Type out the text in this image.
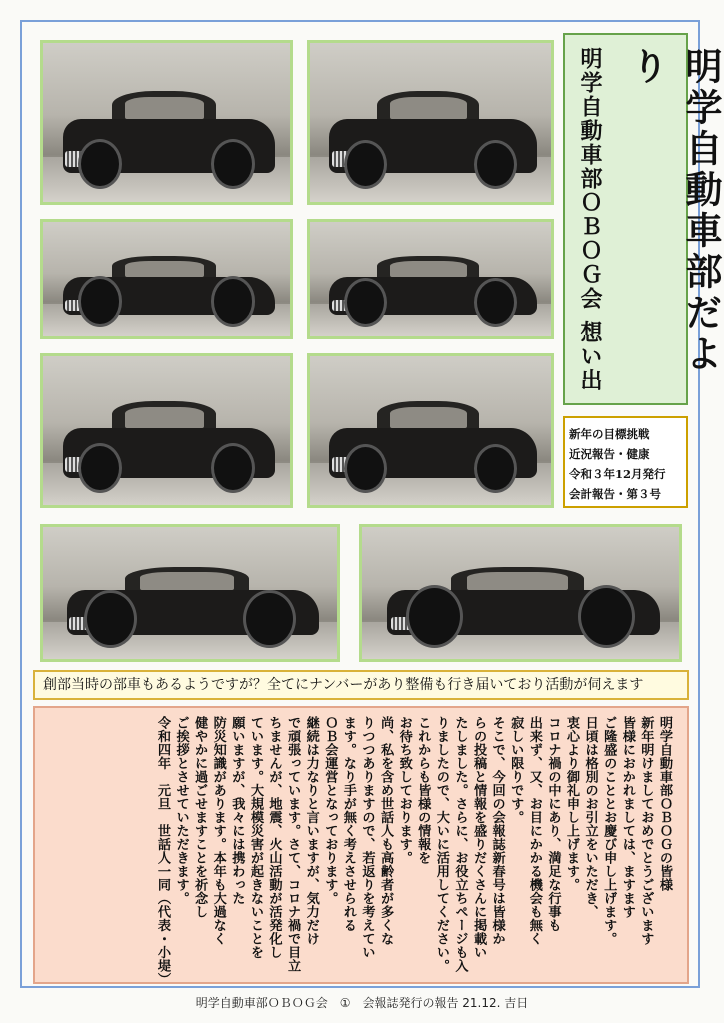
明学自動車部だより
明学自動車部ＯＢＯＧ会 想い出
新年の目標挑戦
近況報告・健康
令和３年12月発行
会計報告・第３号
創部当時の部車もあるようですが？全てにナンバーがあり整備も行き届いており活動が伺えます

明学自動車部ＯＢＯＧの皆様

新年明けましておめでとうございます

皆様におかれましては、ますます

ご隆盛のこととお慶び申し上げます。

日頃は格別のお引立をいただき、

衷心より御礼申し上げます。

コロナ禍の中にあり、満足な行事も

出来ず、又、お目にかかる機会も無く

寂しい限りです。

そこで、今回の会報誌新春号は皆様か

らの投稿と情報を盛りだくさんに掲載い

たしました。さらに、お役立ちページも入

りましたので、大いに活用してください。

これからも皆様の情報を

お待ち致しております。

尚、私を含め世話人も高齢者が多くな

りつつありますので、若返りを考えてい

ます。なり手が無く考えさせられる

ＯＢ会運営となっております。

継続は力なりと言いますが、気力だけ

で頑張っています。さて、コロナ禍で目立

ちませんが、地震、火山活動が活発化し

ています。大規模災害が起きないことを

願いますが、我々には携わった

防災知識があります。本年も大過なく

健やかに過ごせますことを祈念し

ご挨拶とさせていただきます。

令和四年　元旦　世話人一同（代表・小堤）

明学自動車部ＯＢＯＧ会　①　会報誌発行の報告 21.12. 吉日
